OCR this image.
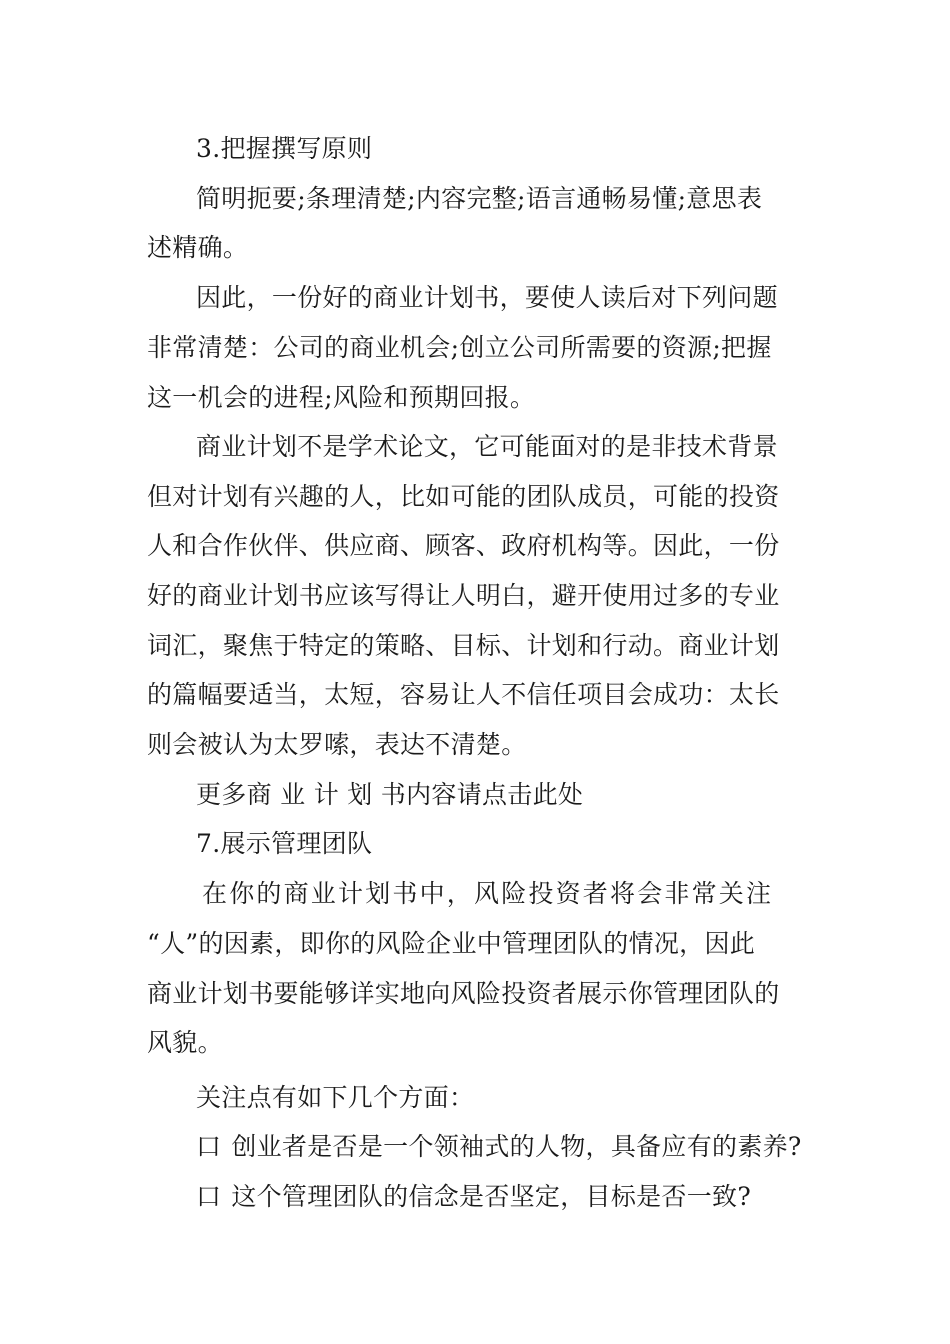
3.把握撰写原则
简明扼要;条理清楚;内容完整;语言通畅易懂;意思表
述精确。
因此，一份好的商业计划书，要使人读后对下列问题
非常清楚：公司的商业机会;创立公司所需要的资源;把握
这一机会的进程;风险和预期回报。
商业计划不是学术论文，它可能面对的是非技术背景
但对计划有兴趣的人，比如可能的团队成员，可能的投资
人和合作伙伴、供应商、顾客、政府机构等。因此，一份
好的商业计划书应该写得让人明白，避开使用过多的专业
词汇，聚焦于特定的策略、目标、计划和行动。商业计划
的篇幅要适当，太短，容易让人不信任项目会成功：太长
则会被认为太罗嗦，表达不清楚。
更多商 业 计 划 书内容请点击此处
7.展示管理团队
在你的商业计划书中，风险投资者将会非常关注
“人”的因素，即你的风险企业中管理团队的情况，因此
商业计划书要能够详实地向风险投资者展示你管理团队的
风貌。
关注点有如下几个方面：
口 创业者是否是一个领袖式的人物，具备应有的素养?
口 这个管理团队的信念是否坚定，目标是否一致?
